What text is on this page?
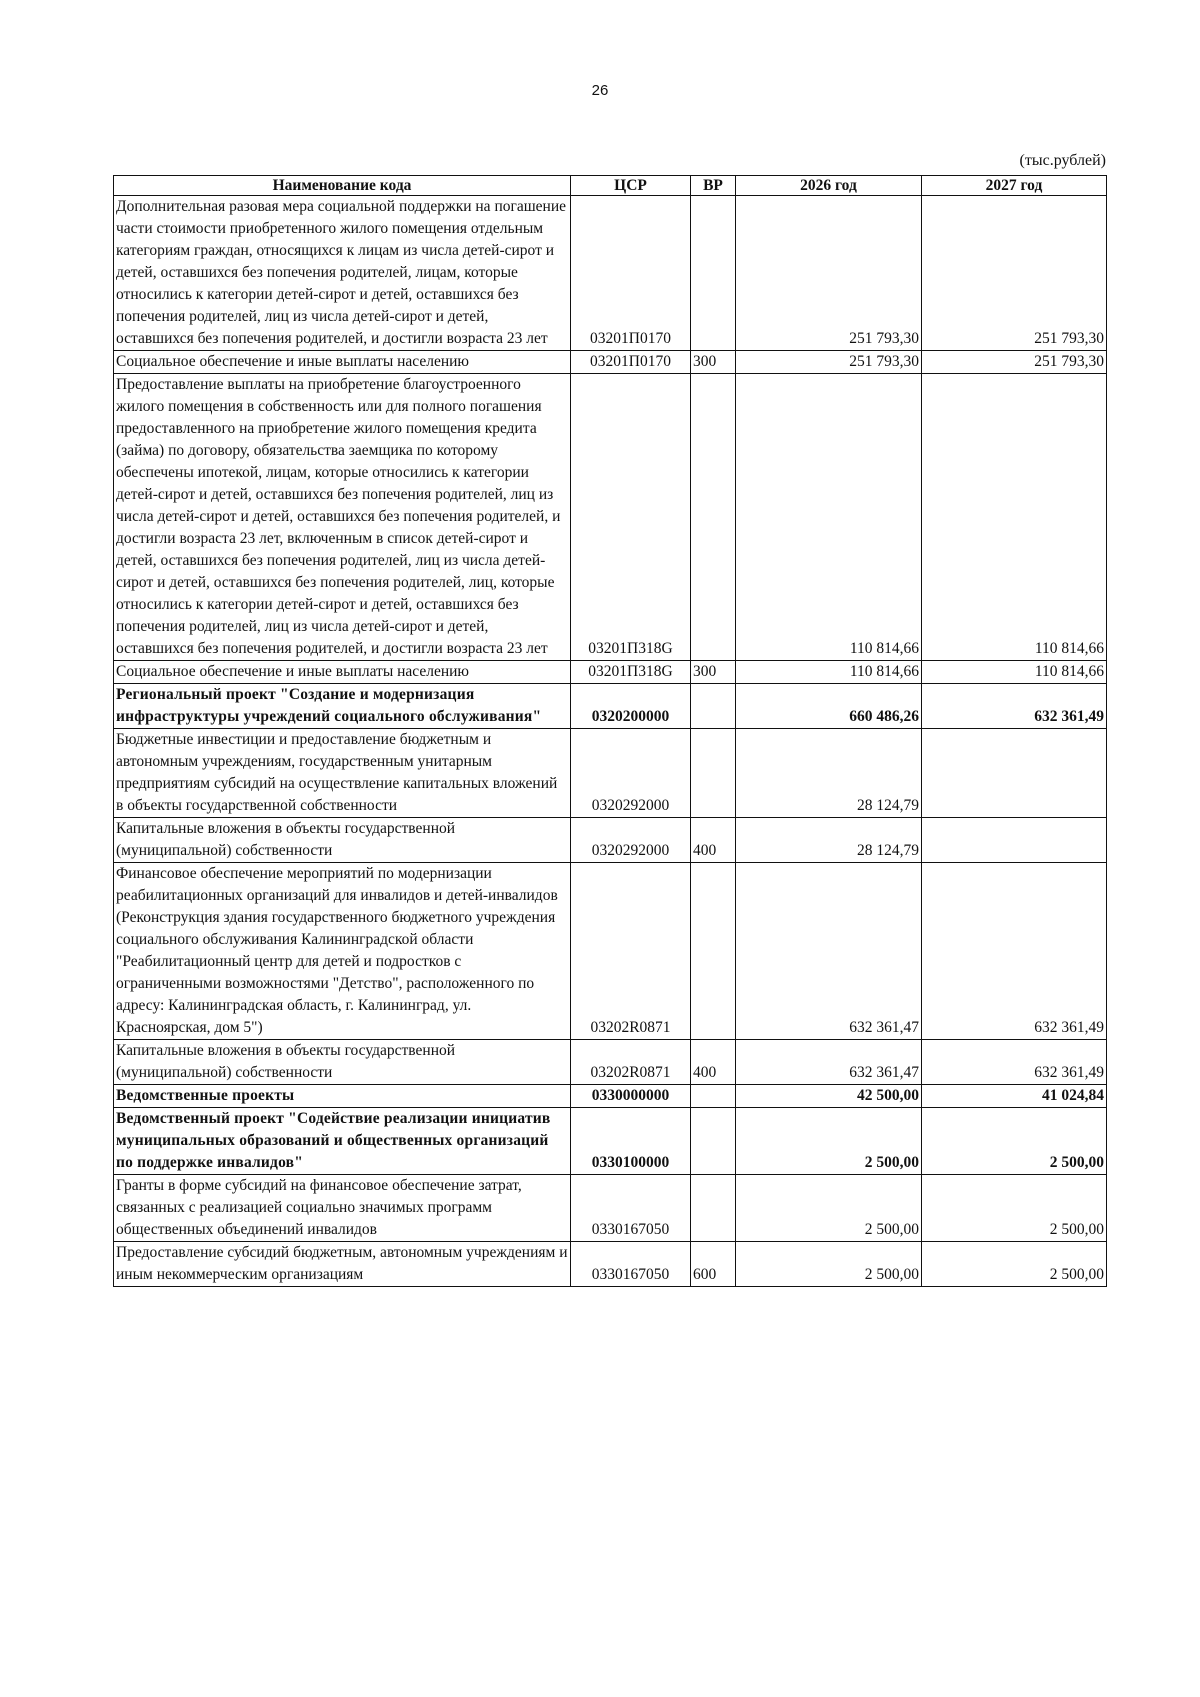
26
(тыс.рублей)
Наименование кода	ЦСР	ВР	2026 год	2027 год
Дополнительная разовая мера социальной поддержки на погашение части стоимости приобретенного жилого помещения отдельным категориям граждан, относящихся к лицам из числа детей-сирот и детей, оставшихся без попечения родителей, лицам, которые относились к категории детей-сирот и детей, оставшихся без попечения родителей, лиц из числа детей-сирот и детей, оставшихся без попечения родителей, и достигли возраста 23 лет	03201П0170		251 793,30	251 793,30
Социальное обеспечение и иные выплаты населению	03201П0170	300	251 793,30	251 793,30
Предоставление выплаты на приобретение благоустроенного жилого помещения в собственность или для полного погашения предоставленного на приобретение жилого помещения кредита (займа) по договору, обязательства заемщика по которому обеспечены ипотекой, лицам, которые относились к категории детей-сирот и детей, оставшихся без попечения родителей, лиц из числа детей-сирот и детей, оставшихся без попечения родителей, и достигли возраста 23 лет, включенным в список детей-сирот и детей, оставшихся без попечения родителей, лиц из числа детей-сирот и детей, оставшихся без попечения родителей, лиц, которые относились к категории детей-сирот и детей, оставшихся без попечения родителей, лиц из числа детей-сирот и детей, оставшихся без попечения родителей, и достигли возраста 23 лет	03201П318G		110 814,66	110 814,66
Социальное обеспечение и иные выплаты населению	03201П318G	300	110 814,66	110 814,66
Региональный проект "Создание и модернизация инфраструктуры учреждений социального обслуживания"	0320200000		660 486,26	632 361,49
Бюджетные инвестиции и предоставление бюджетным и автономным учреждениям, государственным унитарным предприятиям субсидий на осуществление капитальных вложений в объекты государственной собственности	0320292000		28 124,79	
Капитальные вложения в объекты государственной (муниципальной) собственности	0320292000	400	28 124,79	
Финансовое обеспечение мероприятий по модернизации реабилитационных организаций для инвалидов и детей-инвалидов (Реконструкция здания государственного бюджетного учреждения социального обслуживания Калининградской области "Реабилитационный центр для детей и подростков с ограниченными возможностями "Детство", расположенного по адресу: Калининградская область, г. Калининград, ул. Красноярская, дом 5")	03202R0871		632 361,47	632 361,49
Капитальные вложения в объекты государственной (муниципальной) собственности	03202R0871	400	632 361,47	632 361,49
Ведомственные проекты	0330000000		42 500,00	41 024,84
Ведомственный проект "Содействие реализации инициатив муниципальных образований и общественных организаций по поддержке инвалидов"	0330100000		2 500,00	2 500,00
Гранты в форме субсидий на финансовое обеспечение затрат, связанных с реализацией социально значимых программ общественных объединений инвалидов	0330167050		2 500,00	2 500,00
Предоставление субсидий бюджетным, автономным учреждениям и иным некоммерческим организациям	0330167050	600	2 500,00	2 500,00
